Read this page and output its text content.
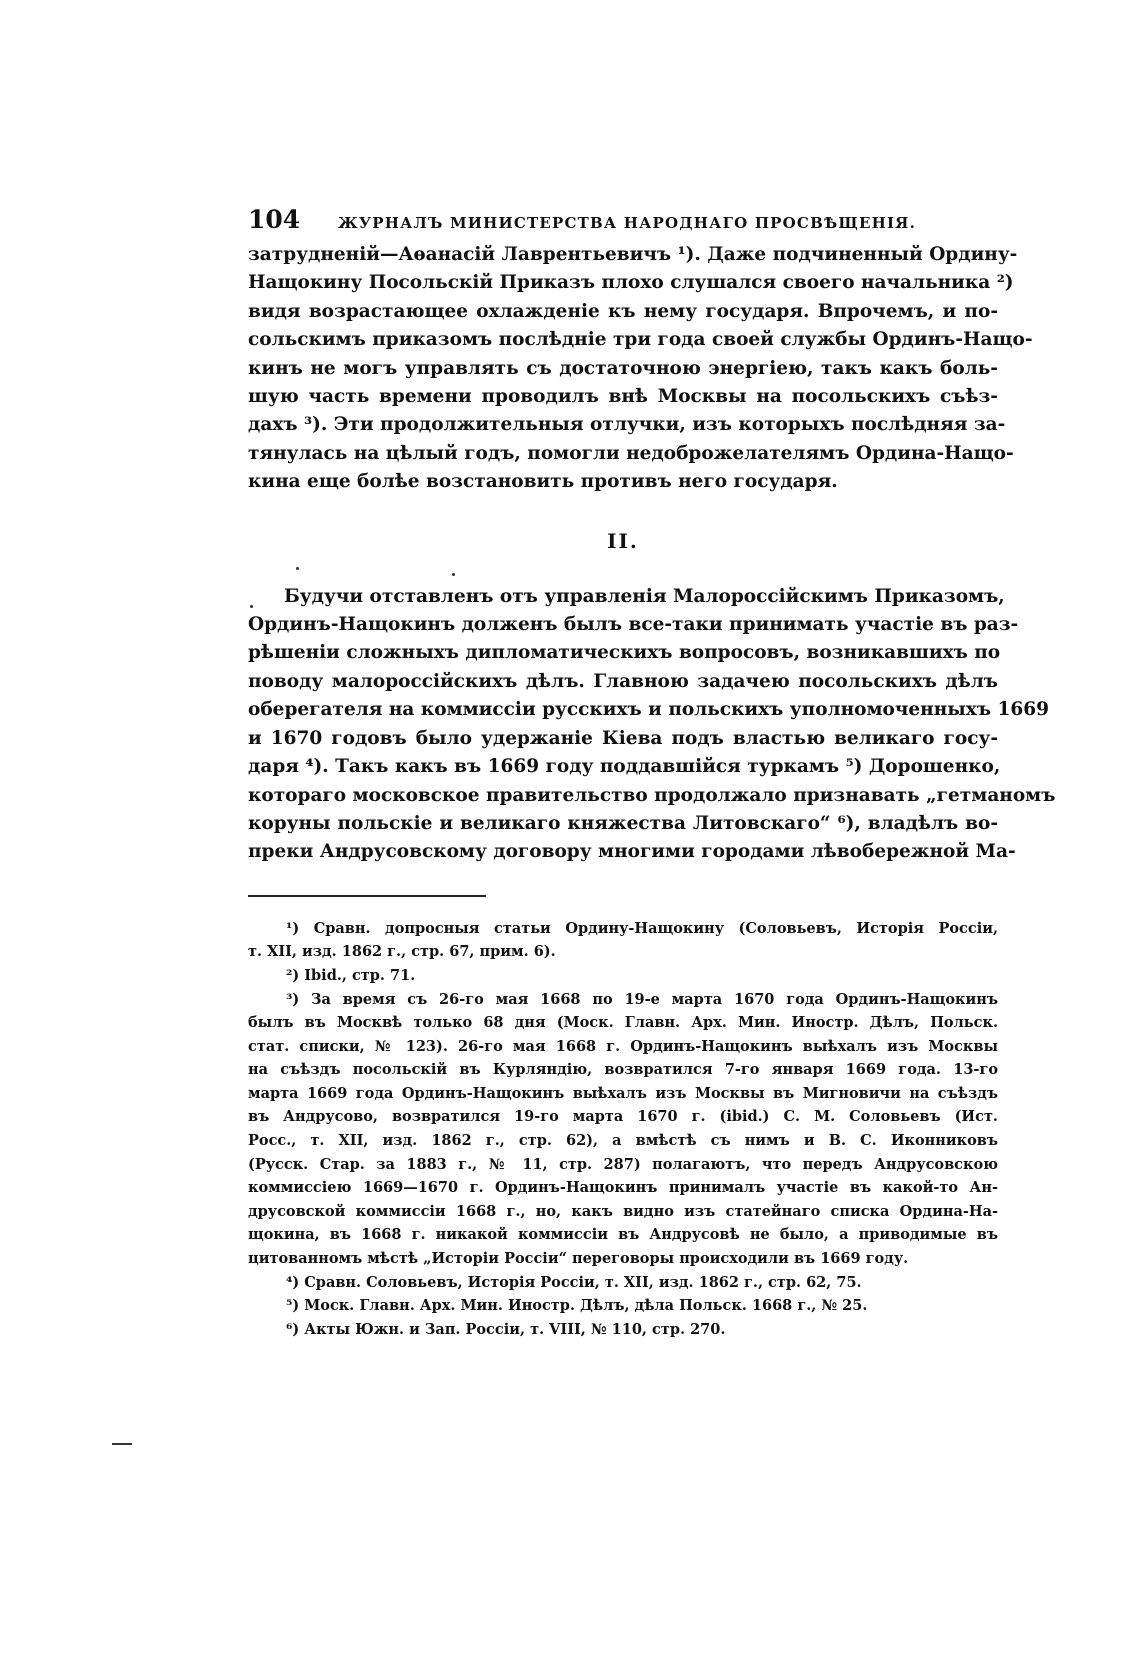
104	ЖУРНАЛЪ МИНИСТЕРСТВА НАРОДНАГО ПРОСВѢЩЕНІЯ.

затрудненій—Аѳанасій Лаврентьевичъ ¹). Даже подчиненный Ордину-
Нащокину Посольскій Приказъ плохо слушался своего начальника ²)
видя возрастающее охлажденіе къ нему государя. Впрочемъ, и по-
сольскимъ приказомъ послѣдніе три года своей службы Ординъ-Нащо-
кинъ не могъ управлять съ достаточною энергіею, такъ какъ боль-
шую часть времени проводилъ внѣ Москвы на посольскихъ съѣз-
дахъ ³). Эти продолжительныя отлучки, изъ которыхъ послѣдняя за-
тянулась на цѣлый годъ, помогли недоброжелателямъ Ордина-Нащо-
кина еще болѣе возстановить противъ него государя.

II.

Будучи отставленъ отъ управленія Малороссійскимъ Приказомъ,
Ординъ-Нащокинъ долженъ былъ все-таки принимать участіе въ раз-
рѣшеніи сложныхъ дипломатическихъ вопросовъ, возникавшихъ по
поводу малороссійскихъ дѣлъ. Главною задачею посольскихъ дѣлъ
оберегателя на коммиссіи русскихъ и польскихъ уполномоченныхъ 1669
и 1670 годовъ было удержаніе Кіева подъ властью великаго госу-
даря ⁴). Такъ какъ въ 1669 году поддавшійся туркамъ ⁵) Дорошенко,
котораго московское правительство продолжало признавать „гетманомъ
коруны польскіе и великаго княжества Литовскаго“ ⁶), владѣлъ во-
преки Андрусовскому договору многими городами лѣвобережной Ма-

¹) Сравн. допросныя статьи Ордину-Нащокину (Соловьевъ, Исторія Россіи,
т. XII, изд. 1862 г., стр. 67, прим. 6).
²) Ibid., стр. 71.
³) За время съ 26-го мая 1668 по 19-е марта 1670 года Ординъ-Нащокинъ
былъ въ Москвѣ только 68 дня (Моск. Главн. Арх. Мин. Иностр. Дѣлъ, Польск.
стат. списки, № 123). 26-го мая 1668 г. Ординъ-Нащокинъ выѣхалъ изъ Москвы
на съѣздъ посольскій въ Курляндію, возвратился 7-го января 1669 года. 13-го
марта 1669 года Ординъ-Нащокинъ выѣхалъ изъ Москвы въ Мигновичи на съѣздъ
въ Андрусово, возвратился 19-го марта 1670 г. (ibid.) С. М. Соловьевъ (Ист.
Росс., т. XII, изд. 1862 г., стр. 62), а вмѣстѣ съ нимъ и В. С. Иконниковъ
(Русск. Стар. за 1883 г., № 11, стр. 287) полагаютъ, что передъ Андрусовскою
коммиссіею 1669—1670 г. Ординъ-Нащокинъ принималъ участіе въ какой-то Ан-
друсовской коммиссіи 1668 г., но, какъ видно изъ статейнаго списка Ордина-На-
щокина, въ 1668 г. никакой коммиссіи въ Андрусовѣ не было, а приводимые въ
цитованномъ мѣстѣ „Исторіи Россіи“ переговоры происходили въ 1669 году.
⁴) Сравн. Соловьевъ, Исторія Россіи, т. XII, изд. 1862 г., стр. 62, 75.
⁵) Моск. Главн. Арх. Мин. Иностр. Дѣлъ, дѣла Польск. 1668 г., № 25.
⁶) Акты Южн. и Зап. Россіи, т. VIII, № 110, стр. 270.
